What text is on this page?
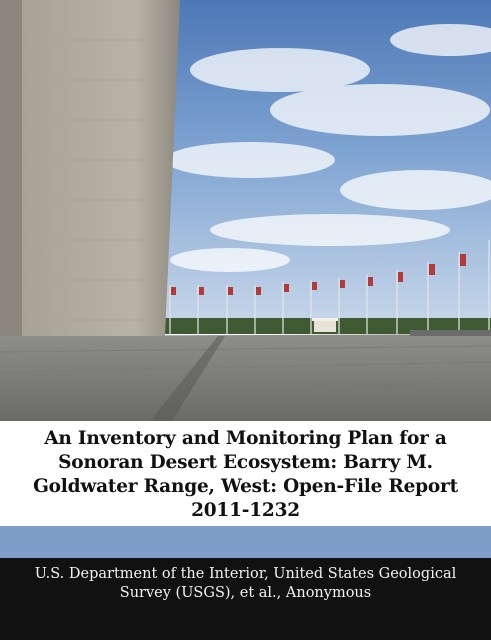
An Inventory and Monitoring Plan for a Sonoran Desert Ecosystem: Barry M. Goldwater Range, West: Open-File Report 2011-1232

U.S. Department of the Interior, United States Geological Survey (USGS), et al., Anonymous
